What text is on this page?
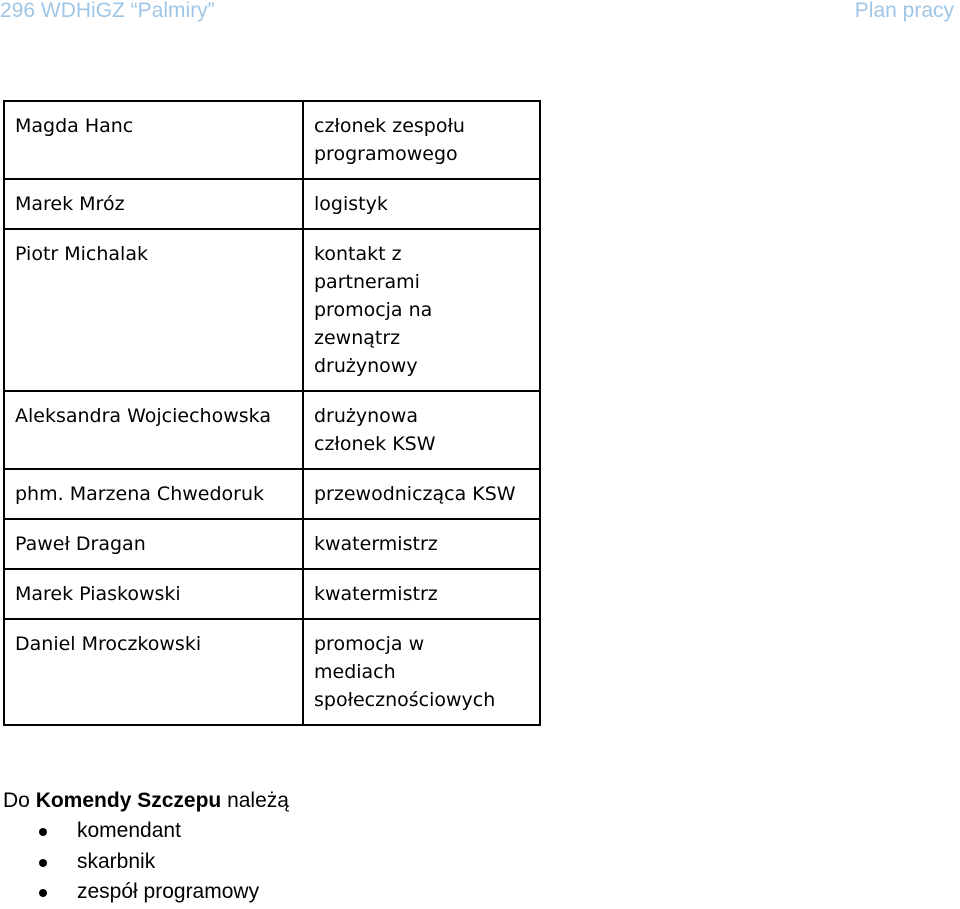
296 WDHiGZ “Palmiry”	Plan pracy
Magda Hanc	członek zespołu
programowego

Marek Mróz	logistyk

Piotr Michalak	kontakt z
partnerami
promocja na
zewnątrz
drużynowy

Aleksandra Wojciechowska	drużynowa
członek KSW

phm. Marzena Chwedoruk	przewodnicząca KSW

Paweł Dragan	kwatermistrz

Marek Piaskowski	kwatermistrz

Daniel Mroczkowski	promocja w
mediach
społecznościowych
Do Komendy Szczepu należą
komendant
skarbnik
zespół programowy
